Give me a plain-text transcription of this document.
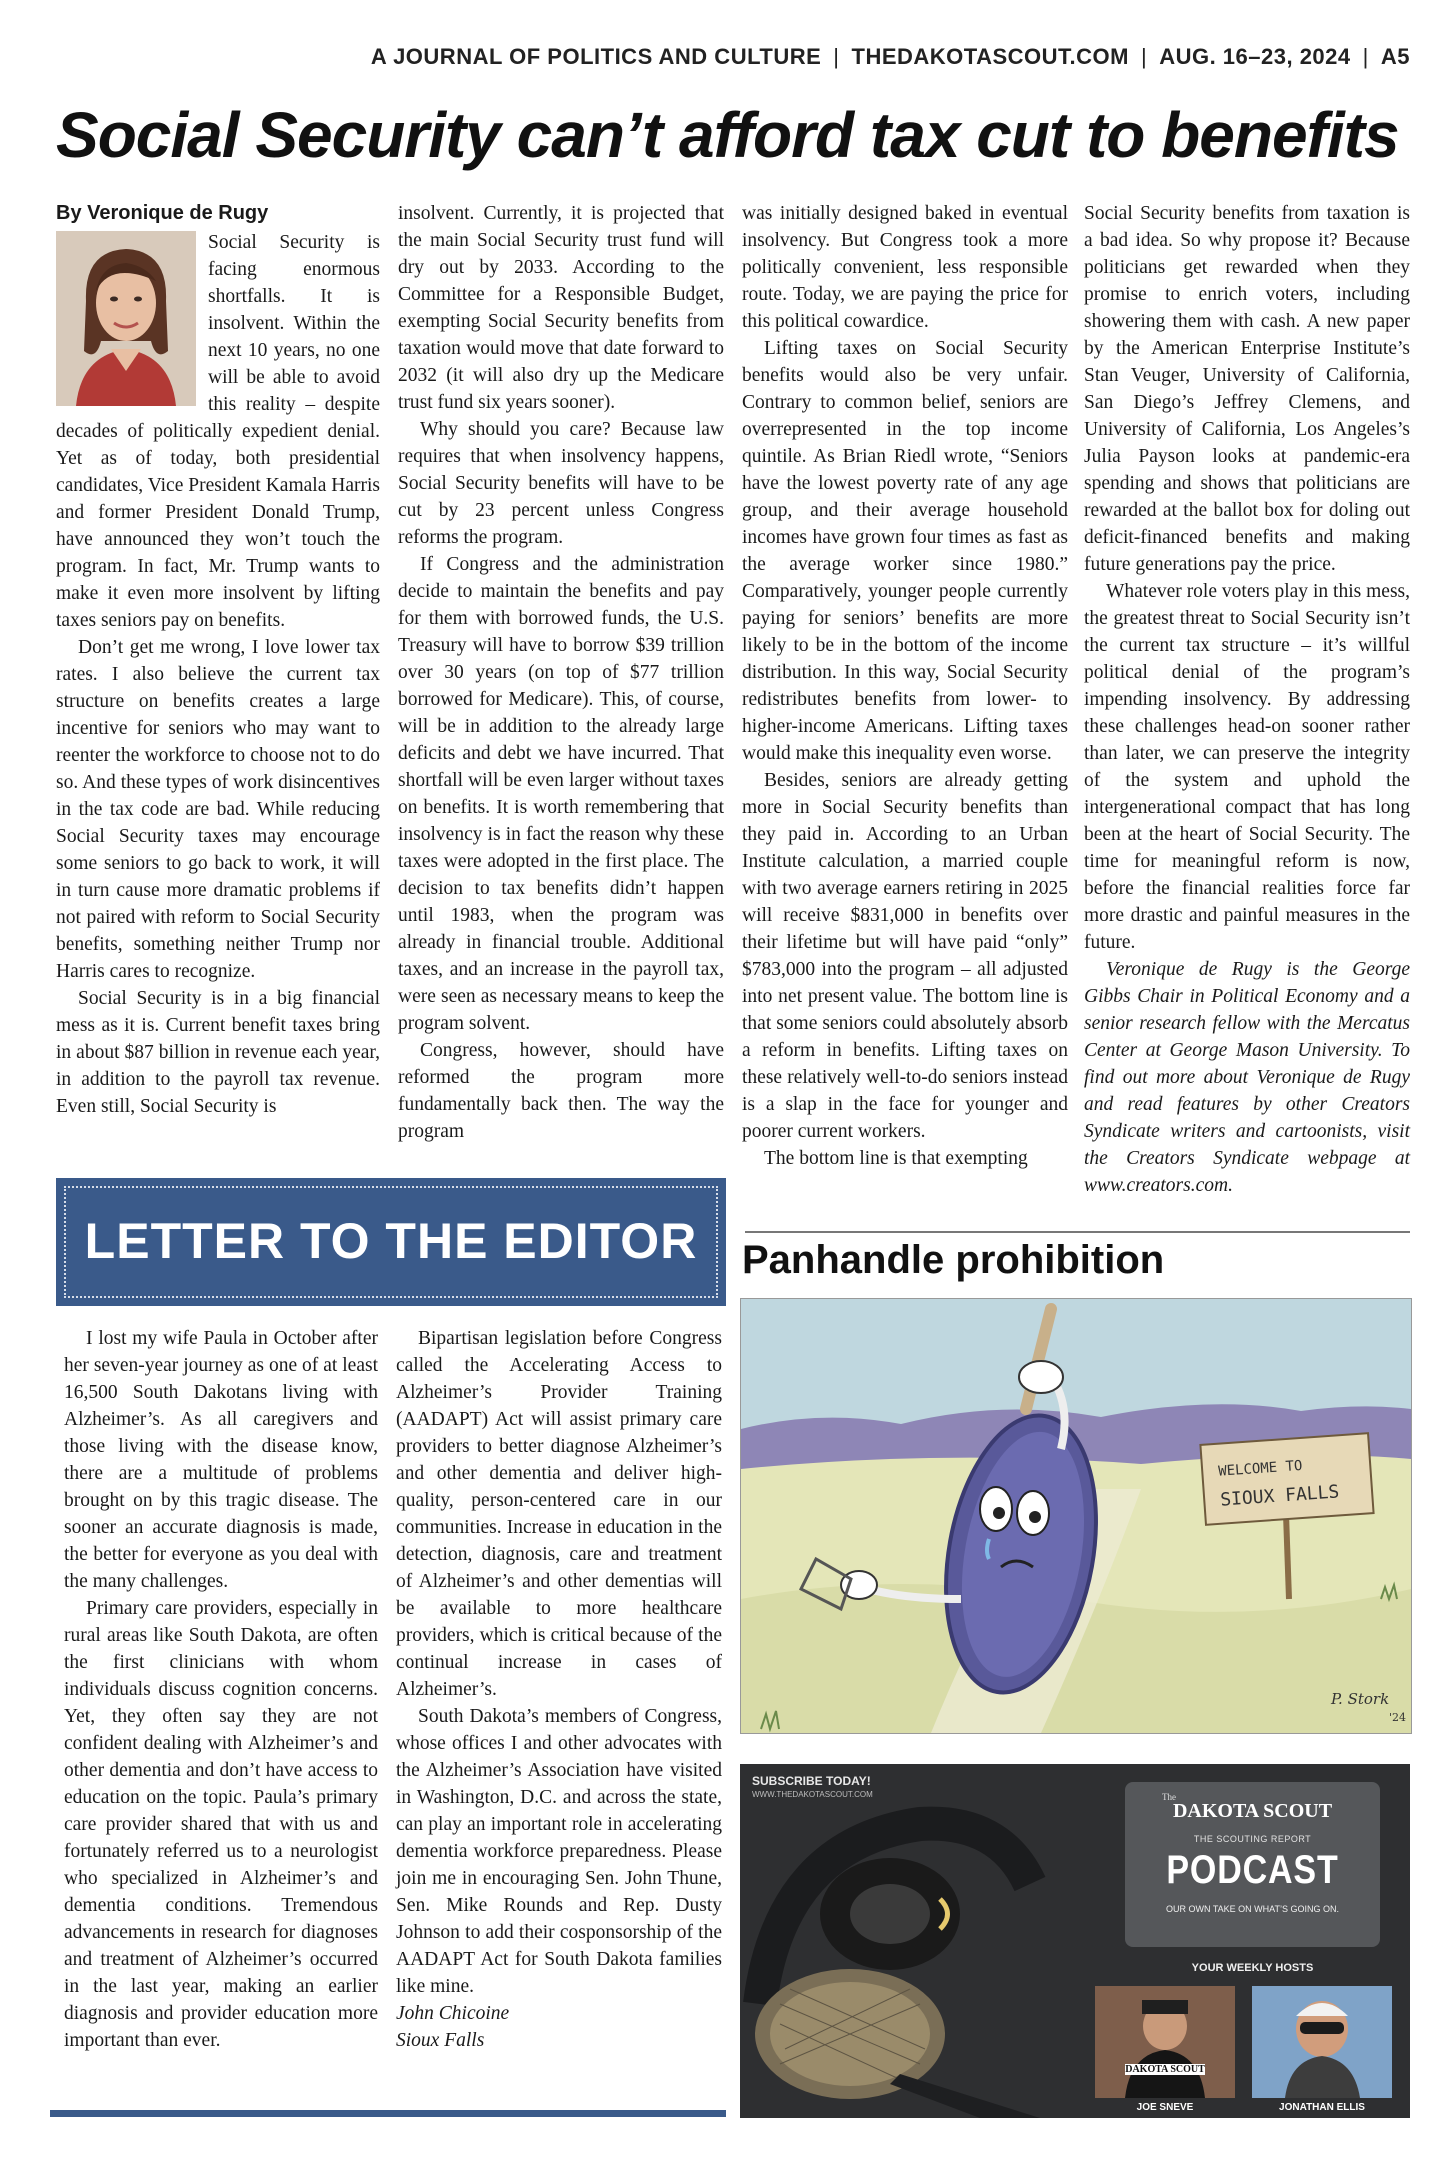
A JOURNAL OF POLITICS AND CULTURE | THEDAKOTASCOUT.COM | AUG. 16–23, 2024 | A5
Social Security can’t afford tax cut to benefits
By Veronique de Rugy

Social Security is facing enormous shortfalls. It is insolvent. Within the next 10 years, no one will be able to avoid this reality – despite decades of politically expedient denial. Yet as of today, both presidential candidates, Vice President Kamala Harris and former President Donald Trump, have announced they won’t touch the program. In fact, Mr. Trump wants to make it even more insolvent by lifting taxes seniors pay on benefits.

Don’t get me wrong, I love lower tax rates. I also believe the current tax structure on benefits creates a large incentive for seniors who may want to reenter the workforce to choose not to do so. And these types of work disincentives in the tax code are bad. While reducing Social Security taxes may encourage some seniors to go back to work, it will in turn cause more dramatic problems if not paired with reform to Social Security benefits, something neither Trump nor Harris cares to recognize.

Social Security is in a big financial mess as it is. Current benefit taxes bring in about $87 billion in revenue each year, in addition to the payroll tax revenue. Even still, Social Security is

insolvent. Currently, it is projected that the main Social Security trust fund will dry out by 2033. According to the Committee for a Responsible Budget, exempting Social Security benefits from taxation would move that date forward to 2032 (it will also dry up the Medicare trust fund six years sooner).

Why should you care? Because law requires that when insolvency happens, Social Security benefits will have to be cut by 23 percent unless Congress reforms the program.

If Congress and the administration decide to maintain the benefits and pay for them with borrowed funds, the U.S. Treasury will have to borrow $39 trillion over 30 years (on top of $77 trillion borrowed for Medicare). This, of course, will be in addition to the already large deficits and debt we have incurred. That shortfall will be even larger without taxes on benefits. It is worth remembering that insolvency is in fact the reason why these taxes were adopted in the first place. The decision to tax benefits didn’t happen until 1983, when the program was already in financial trouble. Additional taxes, and an increase in the payroll tax, were seen as necessary means to keep the program solvent.

Congress, however, should have reformed the program more fundamentally back then. The way the program

was initially designed baked in eventual insolvency. But Congress took a more politically convenient, less responsible route. Today, we are paying the price for this political cowardice.

Lifting taxes on Social Security benefits would also be very unfair. Contrary to common belief, seniors are overrepresented in the top income quintile. As Brian Riedl wrote, “Seniors have the lowest poverty rate of any age group, and their average household incomes have grown four times as fast as the average worker since 1980.” Comparatively, younger people currently paying for seniors’ benefits are more likely to be in the bottom of the income distribution. In this way, Social Security redistributes benefits from lower- to higher-income Americans. Lifting taxes would make this inequality even worse.

Besides, seniors are already getting more in Social Security benefits than they paid in. According to an Urban Institute calculation, a married couple with two average earners retiring in 2025 will receive $831,000 in benefits over their lifetime but will have paid “only” $783,000 into the program – all adjusted into net present value. The bottom line is that some seniors could absolutely absorb a reform in benefits. Lifting taxes on these relatively well-to-do seniors instead is a slap in the face for younger and poorer current workers.

The bottom line is that exempting

Social Security benefits from taxation is a bad idea. So why propose it? Because politicians get rewarded when they promise to enrich voters, including showering them with cash. A new paper by the American Enterprise Institute’s Stan Veuger, University of California, San Diego’s Jeffrey Clemens, and University of California, Los Angeles’s Julia Payson looks at pandemic-era spending and shows that politicians are rewarded at the ballot box for doling out deficit-financed benefits and making future generations pay the price.

Whatever role voters play in this mess, the greatest threat to Social Security isn’t the current tax structure – it’s willful political denial of the program’s impending insolvency. By addressing these challenges head-on sooner rather than later, we can preserve the integrity of the system and uphold the intergenerational compact that has long been at the heart of Social Security. The time for meaningful reform is now, before the financial realities force far more drastic and painful measures in the future.

Veronique de Rugy is the George Gibbs Chair in Political Economy and a senior research fellow with the Mercatus Center at George Mason University. To find out more about Veronique de Rugy and read features by other Creators Syndicate writers and cartoonists, visit the Creators Syndicate webpage at www.creators.com.

LETTER TO THE EDITOR

I lost my wife Paula in October after her seven-year journey as one of at least 16,500 South Dakotans living with Alzheimer’s. As all caregivers and those living with the disease know, there are a multitude of problems brought on by this tragic disease. The sooner an accurate diagnosis is made, the better for everyone as you deal with the many challenges.

Primary care providers, especially in rural areas like South Dakota, are often the first clinicians with whom individuals discuss cognition concerns. Yet, they often say they are not confident dealing with Alzheimer’s and other dementia and don’t have access to education on the topic. Paula’s primary care provider shared that with us and fortunately referred us to a neurologist who specialized in Alzheimer’s and dementia conditions. Tremendous advancements in research for diagnoses and treatment of Alzheimer’s occurred in the last year, making an earlier diagnosis and provider education more important than ever.

Bipartisan legislation before Congress called the Accelerating Access to Alzheimer’s Provider Training (AADAPT) Act will assist primary care providers to better diagnose Alzheimer’s and other dementia and deliver high-quality, person-centered care in our communities. Increase in education in the detection, diagnosis, care and treatment of Alzheimer’s and other dementias will be available to more healthcare providers, which is critical because of the continual increase in cases of Alzheimer’s.

South Dakota’s members of Congress, whose offices I and other advocates with the Alzheimer’s Association have visited in Washington, D.C. and across the state, can play an important role in accelerating dementia workforce preparedness. Please join me in encouraging Sen. John Thune, Sen. Mike Rounds and Rep. Dusty Johnson to add their cosponsorship of the AADAPT Act for South Dakota families like mine.

John Chicoine

Sioux Falls

Panhandle prohibition
WELCOME TO
SIOUX FALLS
P. Stork
'24
SUBSCRIBE TODAY!
WWW.THEDAKOTASCOUT.COM	The
DAKOTA SCOUT
THE SCOUTING REPORT
PODCAST
OUR OWN TAKE ON WHAT’S GOING ON.
YOUR WEEKLY HOSTS
DAKOTA SCOUT
JOE SNEVE	JONATHAN ELLIS
